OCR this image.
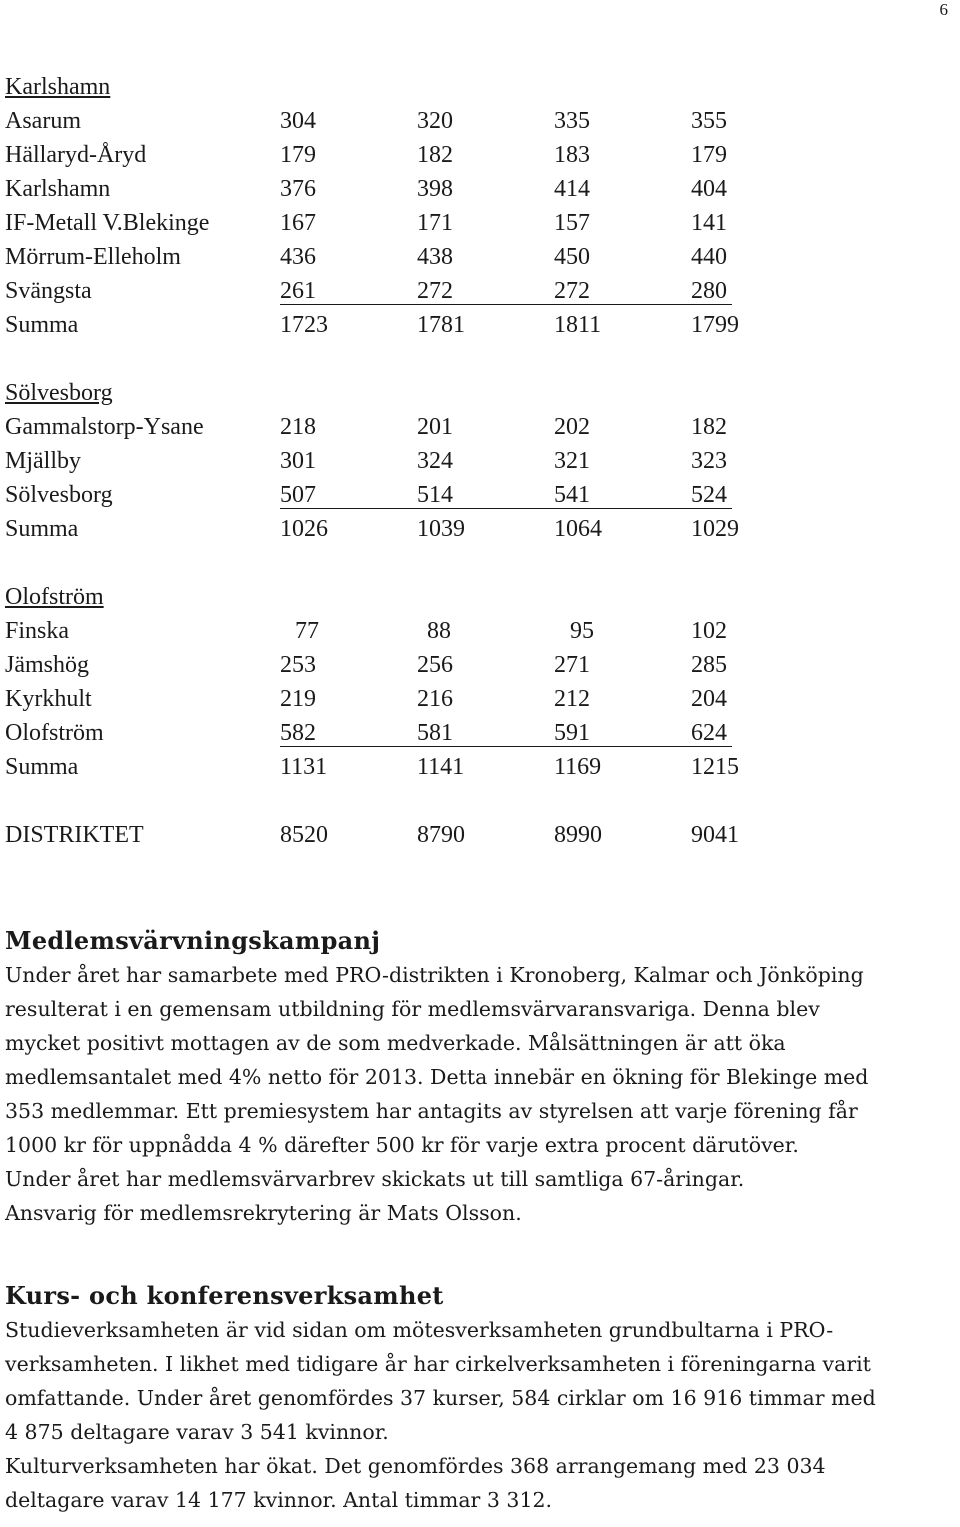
6
Karlshamn
Asarum	304	320	335	355
Hällaryd-Åryd	179	182	183	179
Karlshamn	376	398	414	404
IF-Metall V.Blekinge	167	171	157	141
Mörrum-Elleholm	436	438	450	440
Svängsta	261	272	272	280
Summa	1723	1781	1811	1799
Sölvesborg
Gammalstorp-Ysane	218	201	202	182
Mjällby	301	324	321	323
Sölvesborg	507	514	541	524
Summa	1026	1039	1064	1029
Olofström
Finska	77	88	95	102
Jämshög	253	256	271	285
Kyrkhult	219	216	212	204
Olofström	582	581	591	624
Summa	1131	1141	1169	1215
DISTRIKTET	8520	8790	8990	9041
Medlemsvärvningskampanj

Under året har samarbete med PRO-distrikten i Kronoberg, Kalmar och Jönköping

resulterat i en gemensam utbildning för medlemsvärvaransvariga. Denna blev

mycket positivt mottagen av de som medverkade. Målsättningen är att öka

medlemsantalet med 4% netto för 2013. Detta innebär en ökning för Blekinge med

353 medlemmar. Ett premiesystem har antagits av styrelsen att varje förening får

1000 kr för uppnådda 4 % därefter 500 kr för varje extra procent därutöver.

Under året har medlemsvärvarbrev skickats ut till samtliga 67-åringar.

Ansvarig för medlemsrekrytering är Mats Olsson.

Kurs- och konferensverksamhet

Studieverksamheten är vid sidan om mötesverksamheten grundbultarna i PRO-

verksamheten. I likhet med tidigare år har cirkelverksamheten i föreningarna varit

omfattande. Under året genomfördes 37 kurser, 584 cirklar om 16 916 timmar med

4 875 deltagare varav 3 541 kvinnor.

Kulturverksamheten har ökat. Det genomfördes 368 arrangemang med 23 034

deltagare varav 14 177 kvinnor. Antal timmar 3 312.
